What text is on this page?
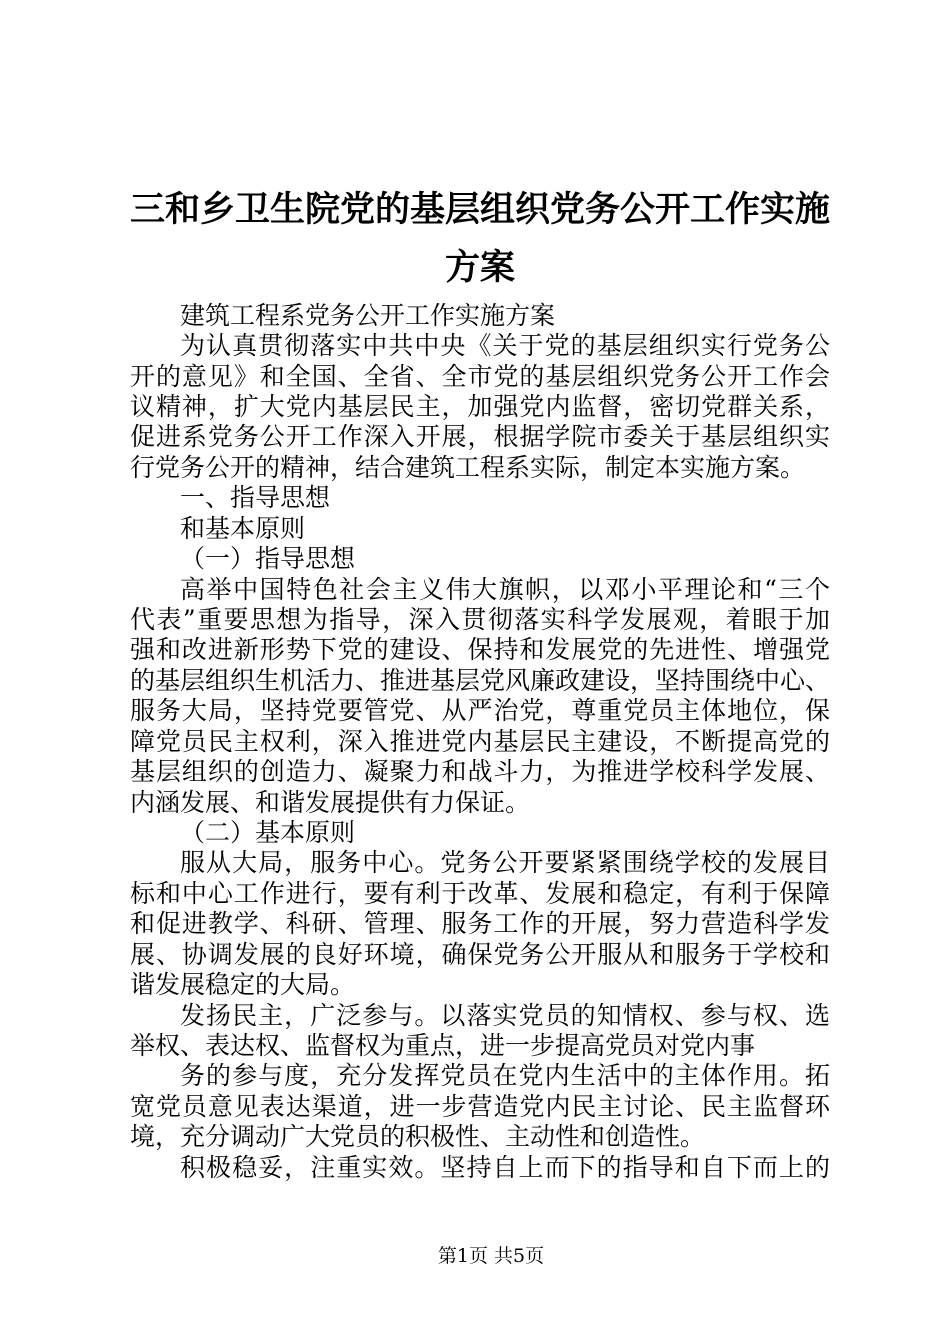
三和乡卫生院党的基层组织党务公开工作实施
方案
建筑工程系党务公开工作实施方案
为认真贯彻落实中共中央《关于党的基层组织实行党务公
开的意见》和全国、全省、全市党的基层组织党务公开工作会
议精神，扩大党内基层民主，加强党内监督，密切党群关系，
促进系党务公开工作深入开展，根据学院市委关于基层组织实
行党务公开的精神，结合建筑工程系实际，制定本实施方案。
一、指导思想
和基本原则
（一）指导思想
高举中国特色社会主义伟大旗帜，以邓小平理论和“三个
代表”重要思想为指导，深入贯彻落实科学发展观，着眼于加
强和改进新形势下党的建设、保持和发展党的先进性、增强党
的基层组织生机活力、推进基层党风廉政建设，坚持围绕中心、
服务大局，坚持党要管党、从严治党，尊重党员主体地位，保
障党员民主权利，深入推进党内基层民主建设，不断提高党的
基层组织的创造力、凝聚力和战斗力，为推进学校科学发展、
内涵发展、和谐发展提供有力保证。
（二）基本原则
服从大局，服务中心。党务公开要紧紧围绕学校的发展目
标和中心工作进行，要有利于改革、发展和稳定，有利于保障
和促进教学、科研、管理、服务工作的开展，努力营造科学发
展、协调发展的良好环境，确保党务公开服从和服务于学校和
谐发展稳定的大局。
发扬民主，广泛参与。以落实党员的知情权、参与权、选
举权、表达权、监督权为重点，进一步提高党员对党内事
务的参与度，充分发挥党员在党内生活中的主体作用。拓
宽党员意见表达渠道，进一步营造党内民主讨论、民主监督环
境，充分调动广大党员的积极性、主动性和创造性。
积极稳妥，注重实效。坚持自上而下的指导和自下而上的
第1页 共5页
